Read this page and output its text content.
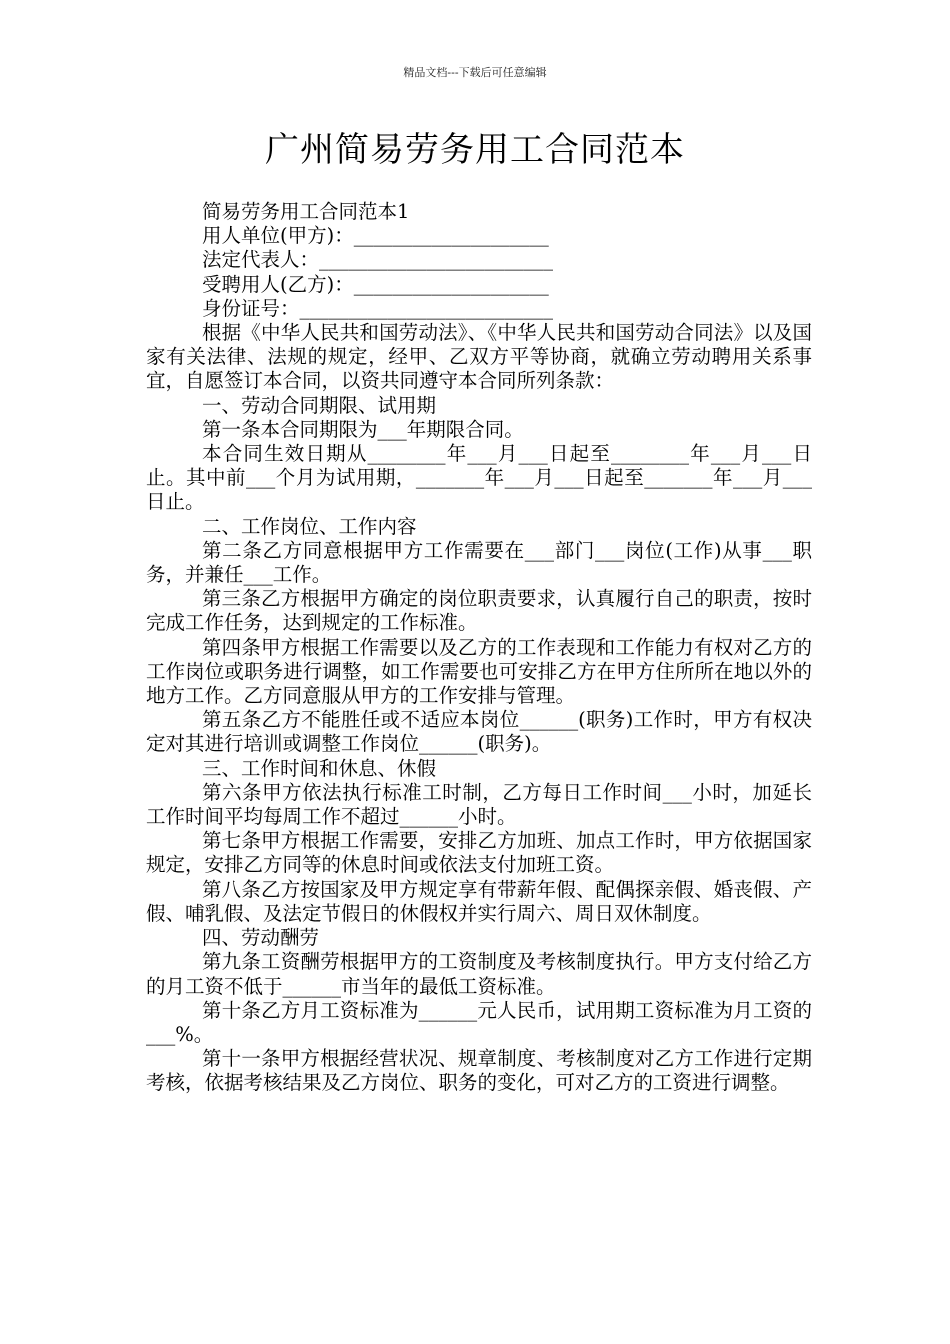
精品文档---下载后可任意编辑
广州简易劳务用工合同范本

简易劳务用工合同范本1

用人单位(甲方)：____________________

法定代表人：________________________

受聘用人(乙方)：____________________

身份证号：__________________________

根据《中华人民共和国劳动法》、《中华人民共和国劳动合同法》以及国家有关法律、法规的规定，经甲、乙双方平等协商，就确立劳动聘用关系事宜，自愿签订本合同，以资共同遵守本合同所列条款：

一、劳动合同期限、试用期

第一条本合同期限为___年期限合同。

本合同生效日期从________年___月___日起至________年___月___日止。其中前___个月为试用期，_______年___月___日起至_______年___月___日止。

二、工作岗位、工作内容

第二条乙方同意根据甲方工作需要在___部门___岗位(工作)从事___职务，并兼任___工作。

第三条乙方根据甲方确定的岗位职责要求，认真履行自己的职责，按时完成工作任务，达到规定的工作标准。

第四条甲方根据工作需要以及乙方的工作表现和工作能力有权对乙方的工作岗位或职务进行调整，如工作需要也可安排乙方在甲方住所所在地以外的地方工作。乙方同意服从甲方的工作安排与管理。

第五条乙方不能胜任或不适应本岗位______(职务)工作时，甲方有权决定对其进行培训或调整工作岗位______(职务)。

三、工作时间和休息、休假

第六条甲方依法执行标准工时制，乙方每日工作时间___小时，加延长工作时间平均每周工作不超过______小时。

第七条甲方根据工作需要，安排乙方加班、加点工作时，甲方依据国家规定，安排乙方同等的休息时间或依法支付加班工资。

第八条乙方按国家及甲方规定享有带薪年假、配偶探亲假、婚丧假、产假、哺乳假、及法定节假日的休假权并实行周六、周日双休制度。

四、劳动酬劳

第九条工资酬劳根据甲方的工资制度及考核制度执行。甲方支付给乙方的月工资不低于______市当年的最低工资标准。

第十条乙方月工资标准为______元人民币，试用期工资标准为月工资的___%。

第十一条甲方根据经营状况、规章制度、考核制度对乙方工作进行定期考核，依据考核结果及乙方岗位、职务的变化，可对乙方的工资进行调整。
